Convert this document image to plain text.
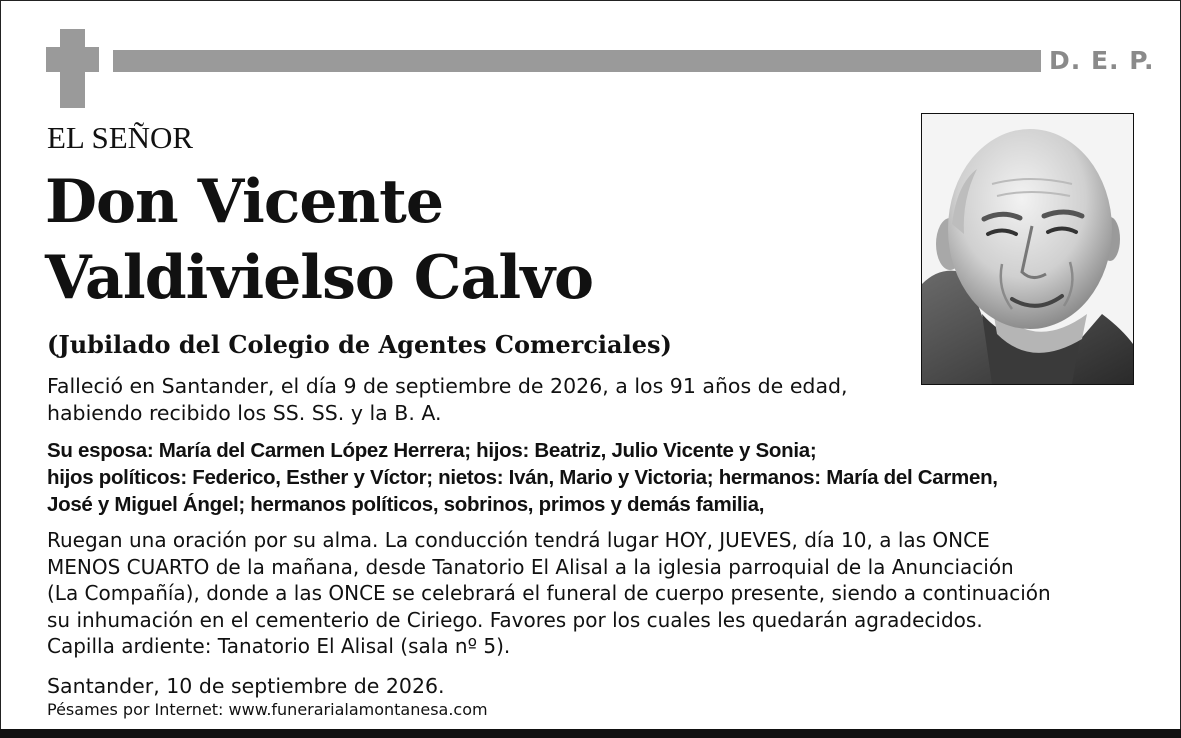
D. E. P.
EL SEÑOR
Don Vicente
Valdivielso Calvo
(Jubilado del Colegio de Agentes Comerciales)
Falleció en Santander, el día 9 de septiembre de 2026, a los 91 años de edad,
habiendo recibido los SS. SS. y la B. A.
Su esposa: María del Carmen López Herrera; hijos: Beatriz, Julio Vicente y Sonia;
hijos políticos: Federico, Esther y Víctor; nietos: Iván, Mario y Victoria; hermanos: María del Carmen,
José y Miguel Ángel; hermanos políticos, sobrinos, primos y demás familia,
Ruegan una oración por su alma. La conducción tendrá lugar HOY, JUEVES, día 10, a las ONCE
MENOS CUARTO de la mañana, desde Tanatorio El Alisal a la iglesia parroquial de la Anunciación
(La Compañía), donde a las ONCE se celebrará el funeral de cuerpo presente, siendo a continuación
su inhumación en el cementerio de Ciriego. Favores por los cuales les quedarán agradecidos.
Capilla ardiente: Tanatorio El Alisal (sala nº 5).
Santander, 10 de septiembre de 2026.
Pésames por Internet: www.funerarialamontanesa.com
